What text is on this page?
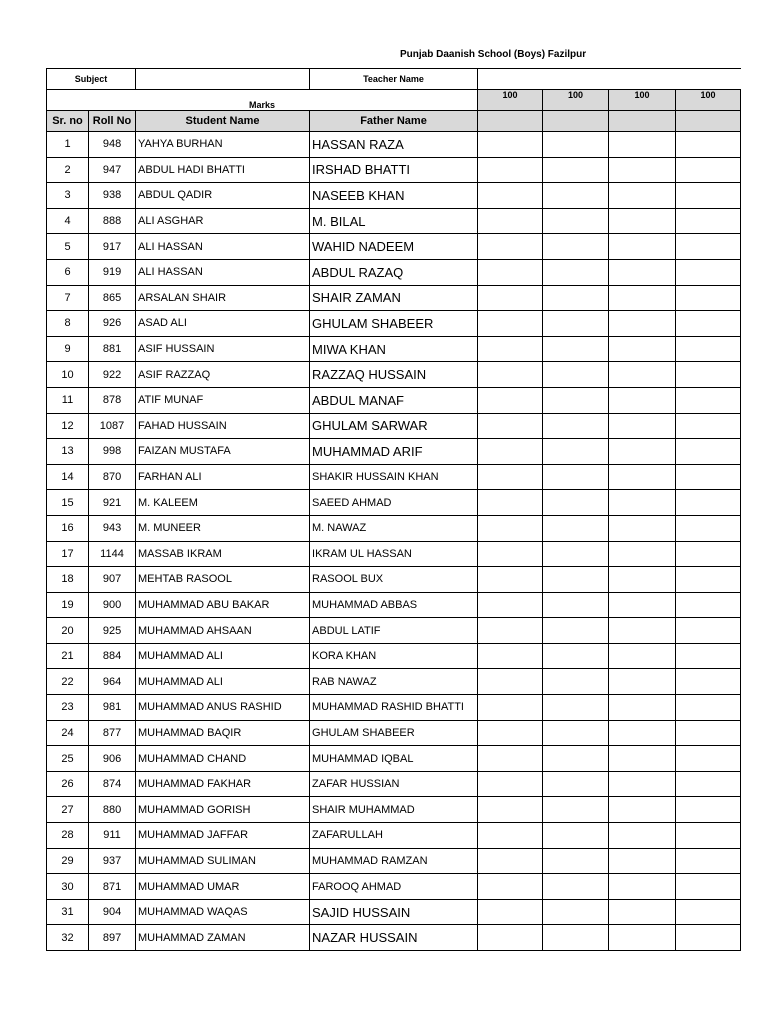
Punjab Daanish School (Boys) Fazilpur
Subject			Teacher Name				
Marks				100	100	100	100
Sr. no	Roll No	Student Name	Father Name				
1	948	YAHYA BURHAN	HASSAN RAZA				
2	947	ABDUL HADI BHATTI	IRSHAD BHATTI				
3	938	ABDUL QADIR	NASEEB KHAN				
4	888	ALI ASGHAR	M. BILAL				
5	917	ALI HASSAN	WAHID NADEEM				
6	919	ALI HASSAN	ABDUL RAZAQ				
7	865	ARSALAN SHAIR	SHAIR ZAMAN				
8	926	ASAD ALI	GHULAM SHABEER				
9	881	ASIF HUSSAIN	MIWA KHAN				
10	922	ASIF RAZZAQ	RAZZAQ HUSSAIN				
11	878	ATIF MUNAF	ABDUL MANAF				
12	1087	FAHAD HUSSAIN	GHULAM SARWAR				
13	998	FAIZAN MUSTAFA	MUHAMMAD ARIF				
14	870	FARHAN ALI	SHAKIR HUSSAIN KHAN				
15	921	M. KALEEM	SAEED AHMAD				
16	943	M. MUNEER	M. NAWAZ				
17	1144	MASSAB IKRAM	IKRAM UL HASSAN				
18	907	MEHTAB RASOOL	RASOOL BUX				
19	900	MUHAMMAD ABU BAKAR	MUHAMMAD ABBAS				
20	925	MUHAMMAD AHSAAN	ABDUL LATIF				
21	884	MUHAMMAD ALI	KORA KHAN				
22	964	MUHAMMAD ALI	RAB NAWAZ				
23	981	MUHAMMAD ANUS RASHID	MUHAMMAD RASHID BHATTI				
24	877	MUHAMMAD BAQIR	GHULAM SHABEER				
25	906	MUHAMMAD CHAND	MUHAMMAD IQBAL				
26	874	MUHAMMAD FAKHAR	ZAFAR HUSSIAN				
27	880	MUHAMMAD GORISH	SHAIR MUHAMMAD				
28	911	MUHAMMAD JAFFAR	ZAFARULLAH				
29	937	MUHAMMAD SULIMAN	MUHAMMAD RAMZAN				
30	871	MUHAMMAD UMAR	FAROOQ AHMAD				
31	904	MUHAMMAD WAQAS	SAJID HUSSAIN				
32	897	MUHAMMAD ZAMAN	NAZAR HUSSAIN				
